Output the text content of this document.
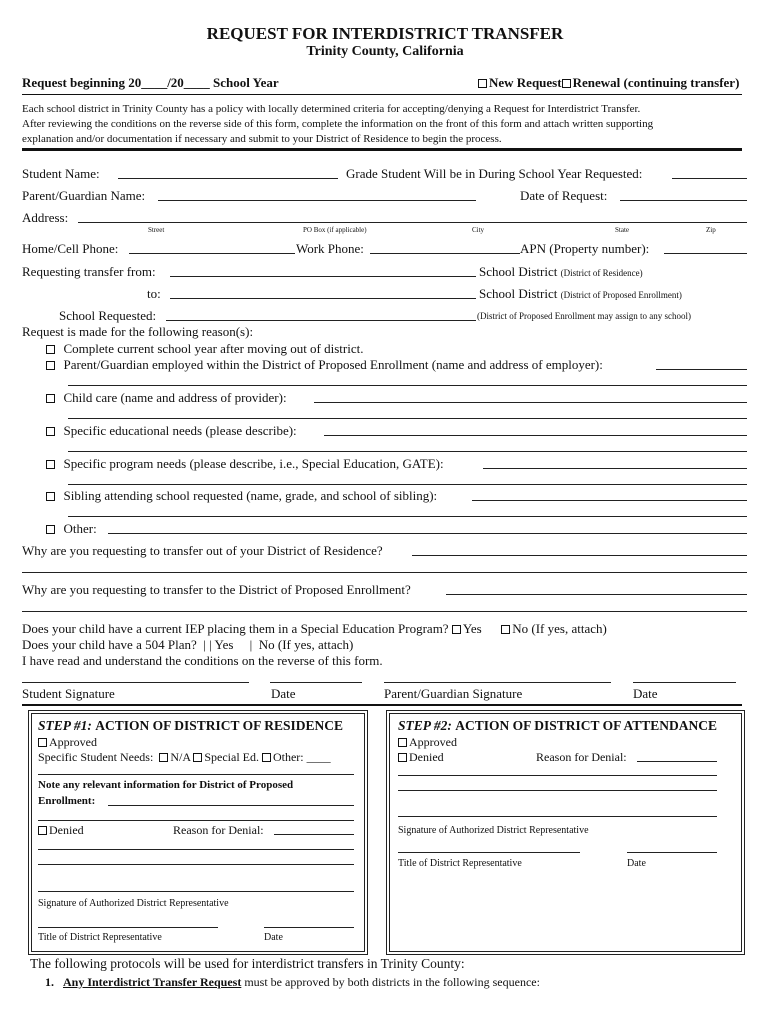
REQUEST FOR INTERDISTRICT TRANSFER
Trinity County, California
Request beginning 20____/20____ School Year	New Request Renewal (continuing transfer)
Each school district in Trinity County has a policy with locally determined criteria for accepting/denying a Request for Interdistrict Transfer.
After reviewing the conditions on the reverse side of this form, complete the information on the front of this form and attach written supporting
explanation and/or documentation if necessary and submit to your District of Residence to begin the process.
Student Name:	Grade Student Will be in During School Year Requested:
Parent/Guardian Name:	Date of Request:
Address:
Street	PO Box (if applicable)	City	State	Zip
Home/Cell Phone:	Work Phone:	APN (Property number):
Requesting transfer from:	School District (District of Residence)
to:	School District (District of Proposed Enrollment)
School Requested:	(District of Proposed Enrollment may assign to any school)
Request is made for the following reason(s):
Complete current school year after moving out of district.
Parent/Guardian employed within the District of Proposed Enrollment (name and address of employer):
Child care (name and address of provider):
Specific educational needs (please describe):
Specific program needs (please describe, i.e., Special Education, GATE):
Sibling attending school requested (name, grade, and school of sibling):
Other:
Why are you requesting to transfer out of your District of Residence?
Why are you requesting to transfer to the District of Proposed Enrollment?
Does your child have a current IEP placing them in a Special Education Program? Yes No (If yes, attach)
Does your child have a 504 Plan? | | Yes | No (If yes, attach)
I have read and understand the conditions on the reverse of this form.
Student Signature	Date	Parent/Guardian Signature	Date
STEP #1: ACTION OF DISTRICT OF RESIDENCE
Approved
Specific Student Needs: N/A Special Ed. Other: ____
Note any relevant information for District of Proposed
Enrollment:
Denied	Reason for Denial:
Signature of Authorized District Representative
Title of District Representative	Date
STEP #2: ACTION OF DISTRICT OF ATTENDANCE
Approved
Denied	Reason for Denial:
Signature of Authorized District Representative
Title of District Representative	Date
The following protocols will be used for interdistrict transfers in Trinity County:
1. Any Interdistrict Transfer Request must be approved by both districts in the following sequence:
